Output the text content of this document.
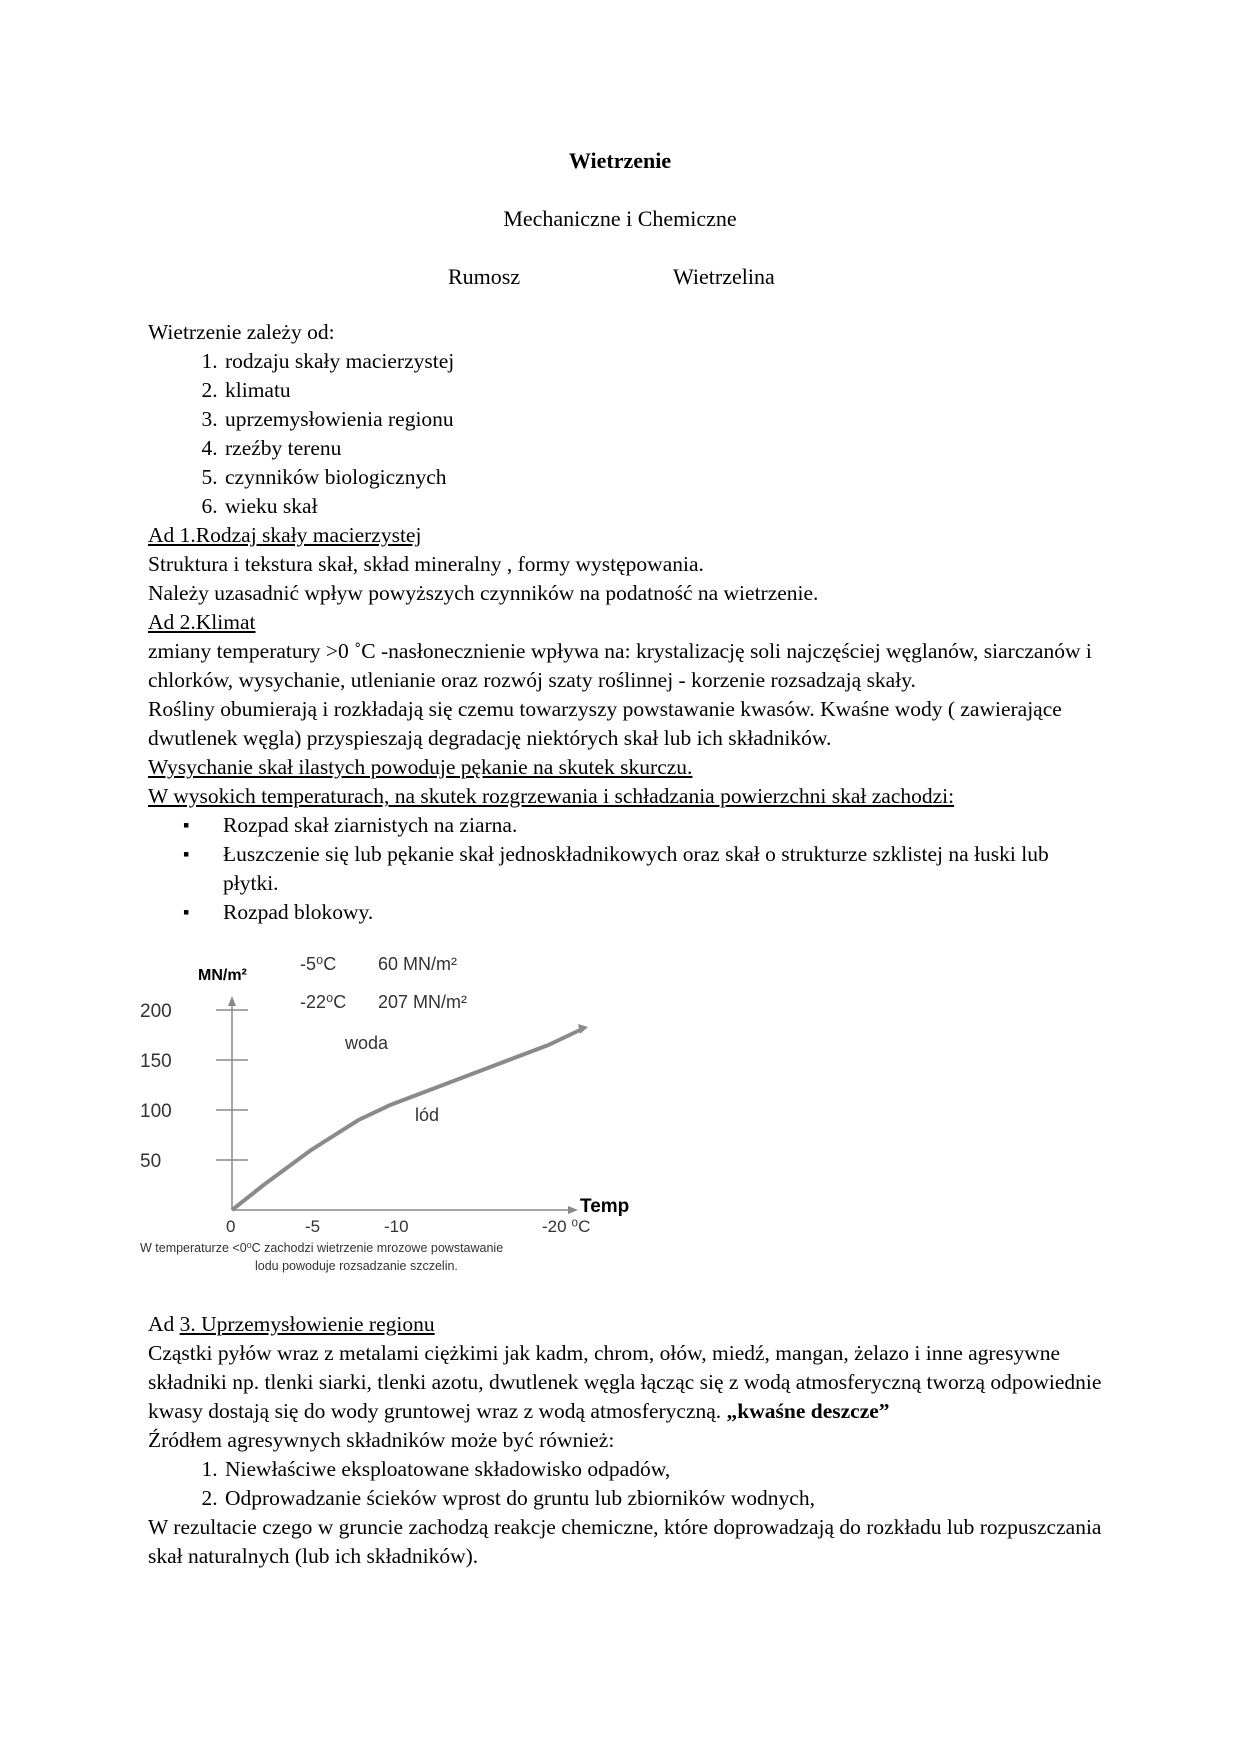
Wietrzenie
Mechaniczne i Chemiczne
Rumosz	Wietrzelina

Wietrzenie zależy od:

1. rodzaju skały macierzystej
2. klimatu
3. uprzemysłowienia regionu
4. rzeźby terenu
5. czynników biologicznych
6. wieku skał

Ad 1.Rodzaj skały macierzystej

Struktura i tekstura skał, skład mineralny , formy występowania.

Należy uzasadnić wpływ powyższych czynników na podatność na wietrzenie.

Ad 2.Klimat

zmiany temperatury >0 ˚C -nasłonecznienie wpływa na: krystalizację soli najczęściej węglanów, siarczanów i chlorków, wysychanie, utlenianie oraz rozwój szaty roślinnej - korzenie rozsadzają skały.

Rośliny obumierają i rozkładają się czemu towarzyszy powstawanie kwasów. Kwaśne wody ( zawierające dwutlenek węgla) przyspieszają degradację niektórych skał lub ich składników.

Wysychanie skał ilastych powoduje pękanie na skutek skurczu.

W wysokich temperaturach, na skutek rozgrzewania i schładzania powierzchni skał zachodzi:

▪ Rozpad skał ziarnistych na ziarna.
▪ Łuszczenie się lub pękanie skał jednoskładnikowych oraz skał o strukturze szklistej na łuski lub płytki.
▪ Rozpad blokowy.
MN/m²
Temp
200
150
100
50
0	-5	-10	-20 ⁰C
-5⁰C 60 MN/m²
-22⁰C 207 MN/m²
woda
lód
W temperaturze <0⁰C zachodzi wietrzenie mrozowe powstawanie
lodu powoduje rozsadzanie szczelin.

Ad 3. Uprzemysłowienie regionu

Cząstki pyłów wraz z metalami ciężkimi jak kadm, chrom, ołów, miedź, mangan, żelazo i inne agresywne składniki np. tlenki siarki, tlenki azotu, dwutlenek węgla łącząc się z wodą atmosferyczną tworzą odpowiednie kwasy dostają się do wody gruntowej wraz z wodą atmosferyczną. „kwaśne deszcze”

Źródłem agresywnych składników może być również:

1. Niewłaściwe eksploatowane składowisko odpadów,
2. Odprowadzanie ścieków wprost do gruntu lub zbiorników wodnych,

W rezultacie czego w gruncie zachodzą reakcje chemiczne, które doprowadzają do rozkładu lub rozpuszczania skał naturalnych (lub ich składników).
